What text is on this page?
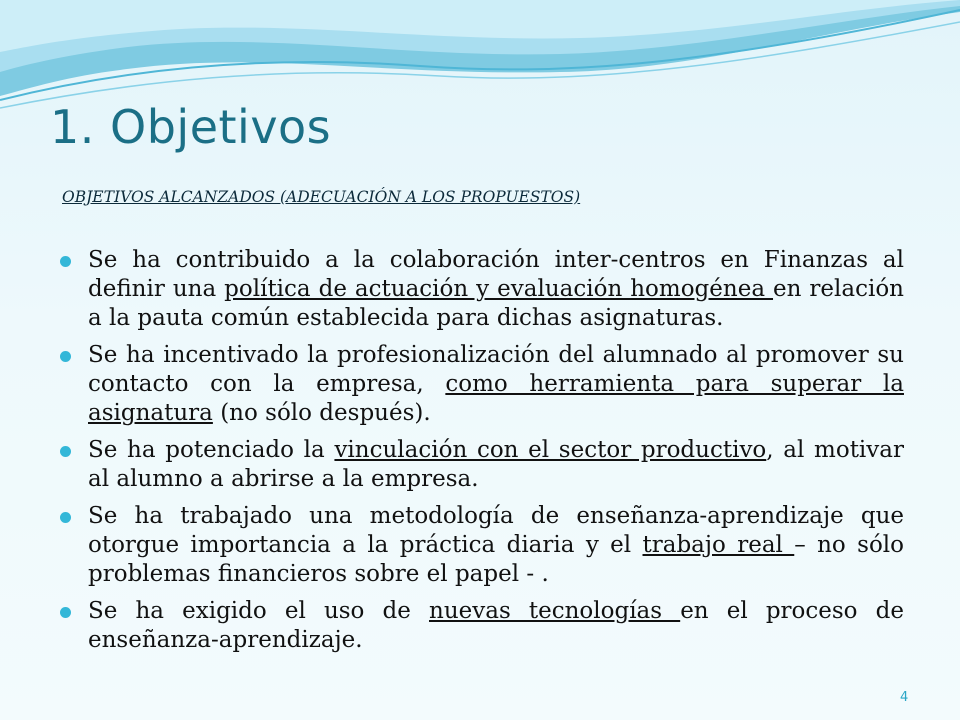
1. Objetivos
OBJETIVOS ALCANZADOS (ADECUACIÓN A LOS PROPUESTOS)
Se ha contribuido a la colaboración inter-centros en Finanzas al definir una política de actuación y evaluación homogénea en relación a la pauta común establecida para dichas asignaturas.
Se ha incentivado la profesionalización del alumnado al promover su contacto con la empresa, como herramienta para superar la asignatura (no sólo después).
Se ha potenciado la vinculación con el sector productivo, al motivar al alumno a abrirse a la empresa.
Se ha trabajado una metodología de enseñanza-aprendizaje que otorgue importancia a la práctica diaria y el trabajo real – no sólo problemas financieros sobre el papel - .
Se ha exigido el uso de nuevas tecnologías en el proceso de enseñanza-aprendizaje.
4
